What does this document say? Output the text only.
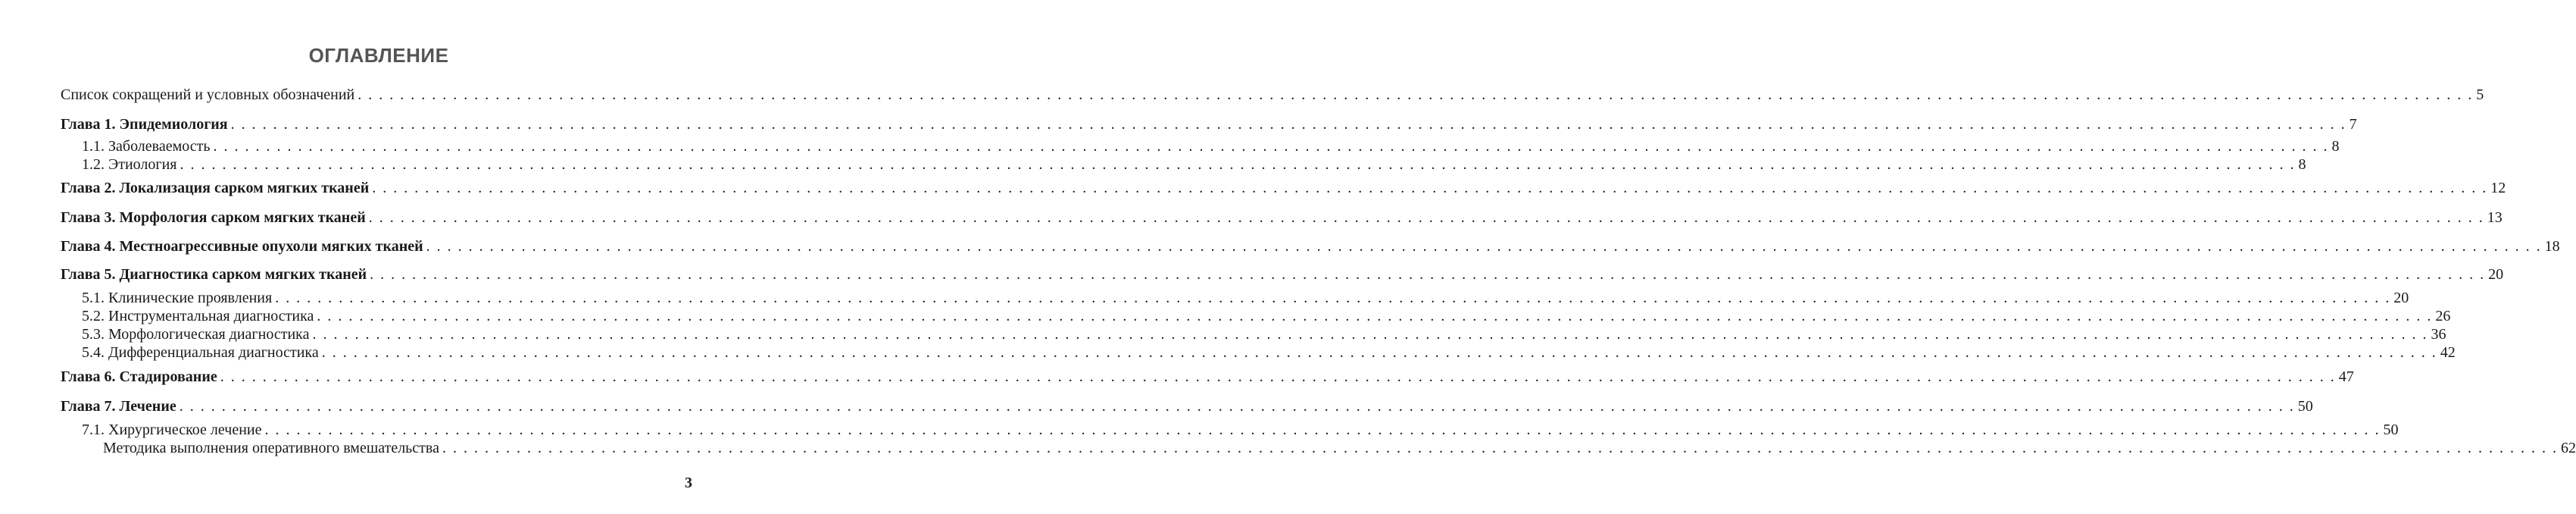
ОГЛАВЛЕНИЕ
Список сокращений и условных обозначений . . . . . . . . . . . . . . . . . . . . . . . . . . . . . . . . . . . . . . . . . . . . . . . . . . . . . . . . . . . . . . . . . . . . . . . . . . . . . . . . . . . . . . . . . . . . . . . . . . . . . . . . . . . . . . . . . . . . . . . . . . . . . . . . . . . . . . . . . . . . . . . . . . . . . . . . . . . . . . . . . . . . . . . . . . . . . . . . . . . . . . . . . . . . . . . . . . . . . . . . 5
Глава 1. Эпидемиология . . . . . . . . . . . . . . . . . . . . . . . . . . . . . . . . . . . . . . . . . . . . . . . . . . . . . . . . . . . . . . . . . . . . . . . . . . . . . . . . . . . . . . . . . . . . . . . . . . . . . . . . . . . . . . . . . . . . . . . . . . . . . . . . . . . . . . . . . . . . . . . . . . . . . . . . . . . . . . . . . . . . . . . . . . . . . . . . . . . . . . . . . . . . . . . . . . . . . . . . 7
1.1. Заболеваемость . . . . . . . . . . . . . . . . . . . . . . . . . . . . . . . . . . . . . . . . . . . . . . . . . . . . . . . . . . . . . . . . . . . . . . . . . . . . . . . . . . . . . . . . . . . . . . . . . . . . . . . . . . . . . . . . . . . . . . . . . . . . . . . . . . . . . . . . . . . . . . . . . . . . . . . . . . . . . . . . . . . . . . . . . . . . . . . . . . . . . . . . . . . . . . . . . . . . . . . . 8
1.2. Этиология . . . . . . . . . . . . . . . . . . . . . . . . . . . . . . . . . . . . . . . . . . . . . . . . . . . . . . . . . . . . . . . . . . . . . . . . . . . . . . . . . . . . . . . . . . . . . . . . . . . . . . . . . . . . . . . . . . . . . . . . . . . . . . . . . . . . . . . . . . . . . . . . . . . . . . . . . . . . . . . . . . . . . . . . . . . . . . . . . . . . . . . . . . . . . . . . . . . . . . . . 8
Глава 2. Локализация сарком мягких тканей . . . . . . . . . . . . . . . . . . . . . . . . . . . . . . . . . . . . . . . . . . . . . . . . . . . . . . . . . . . . . . . . . . . . . . . . . . . . . . . . . . . . . . . . . . . . . . . . . . . . . . . . . . . . . . . . . . . . . . . . . . . . . . . . . . . . . . . . . . . . . . . . . . . . . . . . . . . . . . . . . . . . . . . . . . . . . . . . . . . . . . . . . . . . . . . . . . . . . . . . 12
Глава 3. Морфология сарком мягких тканей . . . . . . . . . . . . . . . . . . . . . . . . . . . . . . . . . . . . . . . . . . . . . . . . . . . . . . . . . . . . . . . . . . . . . . . . . . . . . . . . . . . . . . . . . . . . . . . . . . . . . . . . . . . . . . . . . . . . . . . . . . . . . . . . . . . . . . . . . . . . . . . . . . . . . . . . . . . . . . . . . . . . . . . . . . . . . . . . . . . . . . . . . . . . . . . . . . . . . . . . 13
Глава 4. Местноагрессивные опухоли мягких тканей . . . . . . . . . . . . . . . . . . . . . . . . . . . . . . . . . . . . . . . . . . . . . . . . . . . . . . . . . . . . . . . . . . . . . . . . . . . . . . . . . . . . . . . . . . . . . . . . . . . . . . . . . . . . . . . . . . . . . . . . . . . . . . . . . . . . . . . . . . . . . . . . . . . . . . . . . . . . . . . . . . . . . . . . . . . . . . . . . . . . . . . . . . . . . . . . . . . . . . . . 18
Глава 5. Диагностика сарком мягких тканей . . . . . . . . . . . . . . . . . . . . . . . . . . . . . . . . . . . . . . . . . . . . . . . . . . . . . . . . . . . . . . . . . . . . . . . . . . . . . . . . . . . . . . . . . . . . . . . . . . . . . . . . . . . . . . . . . . . . . . . . . . . . . . . . . . . . . . . . . . . . . . . . . . . . . . . . . . . . . . . . . . . . . . . . . . . . . . . . . . . . . . . . . . . . . . . . . . . . . . . . 20
5.1. Клинические проявления . . . . . . . . . . . . . . . . . . . . . . . . . . . . . . . . . . . . . . . . . . . . . . . . . . . . . . . . . . . . . . . . . . . . . . . . . . . . . . . . . . . . . . . . . . . . . . . . . . . . . . . . . . . . . . . . . . . . . . . . . . . . . . . . . . . . . . . . . . . . . . . . . . . . . . . . . . . . . . . . . . . . . . . . . . . . . . . . . . . . . . . . . . . . . . . . . . . . . . . . 20
5.2. Инструментальная диагностика . . . . . . . . . . . . . . . . . . . . . . . . . . . . . . . . . . . . . . . . . . . . . . . . . . . . . . . . . . . . . . . . . . . . . . . . . . . . . . . . . . . . . . . . . . . . . . . . . . . . . . . . . . . . . . . . . . . . . . . . . . . . . . . . . . . . . . . . . . . . . . . . . . . . . . . . . . . . . . . . . . . . . . . . . . . . . . . . . . . . . . . . . . . . . . . . . . . . . . . . 26
5.3. Морфологическая диагностика . . . . . . . . . . . . . . . . . . . . . . . . . . . . . . . . . . . . . . . . . . . . . . . . . . . . . . . . . . . . . . . . . . . . . . . . . . . . . . . . . . . . . . . . . . . . . . . . . . . . . . . . . . . . . . . . . . . . . . . . . . . . . . . . . . . . . . . . . . . . . . . . . . . . . . . . . . . . . . . . . . . . . . . . . . . . . . . . . . . . . . . . . . . . . . . . . . . . . . . . 36
5.4. Дифференциальная диагностика . . . . . . . . . . . . . . . . . . . . . . . . . . . . . . . . . . . . . . . . . . . . . . . . . . . . . . . . . . . . . . . . . . . . . . . . . . . . . . . . . . . . . . . . . . . . . . . . . . . . . . . . . . . . . . . . . . . . . . . . . . . . . . . . . . . . . . . . . . . . . . . . . . . . . . . . . . . . . . . . . . . . . . . . . . . . . . . . . . . . . . . . . . . . . . . . . . . . . . . . 42
Глава 6. Стадирование . . . . . . . . . . . . . . . . . . . . . . . . . . . . . . . . . . . . . . . . . . . . . . . . . . . . . . . . . . . . . . . . . . . . . . . . . . . . . . . . . . . . . . . . . . . . . . . . . . . . . . . . . . . . . . . . . . . . . . . . . . . . . . . . . . . . . . . . . . . . . . . . . . . . . . . . . . . . . . . . . . . . . . . . . . . . . . . . . . . . . . . . . . . . . . . . . . . . . . . . 47
Глава 7. Лечение . . . . . . . . . . . . . . . . . . . . . . . . . . . . . . . . . . . . . . . . . . . . . . . . . . . . . . . . . . . . . . . . . . . . . . . . . . . . . . . . . . . . . . . . . . . . . . . . . . . . . . . . . . . . . . . . . . . . . . . . . . . . . . . . . . . . . . . . . . . . . . . . . . . . . . . . . . . . . . . . . . . . . . . . . . . . . . . . . . . . . . . . . . . . . . . . . . . . . . . . 50
7.1. Хирургическое лечение . . . . . . . . . . . . . . . . . . . . . . . . . . . . . . . . . . . . . . . . . . . . . . . . . . . . . . . . . . . . . . . . . . . . . . . . . . . . . . . . . . . . . . . . . . . . . . . . . . . . . . . . . . . . . . . . . . . . . . . . . . . . . . . . . . . . . . . . . . . . . . . . . . . . . . . . . . . . . . . . . . . . . . . . . . . . . . . . . . . . . . . . . . . . . . . . . . . . . . . . 50
Методика выполнения оперативного вмешательства . . . . . . . . . . . . . . . . . . . . . . . . . . . . . . . . . . . . . . . . . . . . . . . . . . . . . . . . . . . . . . . . . . . . . . . . . . . . . . . . . . . . . . . . . . . . . . . . . . . . . . . . . . . . . . . . . . . . . . . . . . . . . . . . . . . . . . . . . . . . . . . . . . . . . . . . . . . . . . . . . . . . . . . . . . . . . . . . . . . . . . . . . . . . . . . . . . . . . . . . 62
3
